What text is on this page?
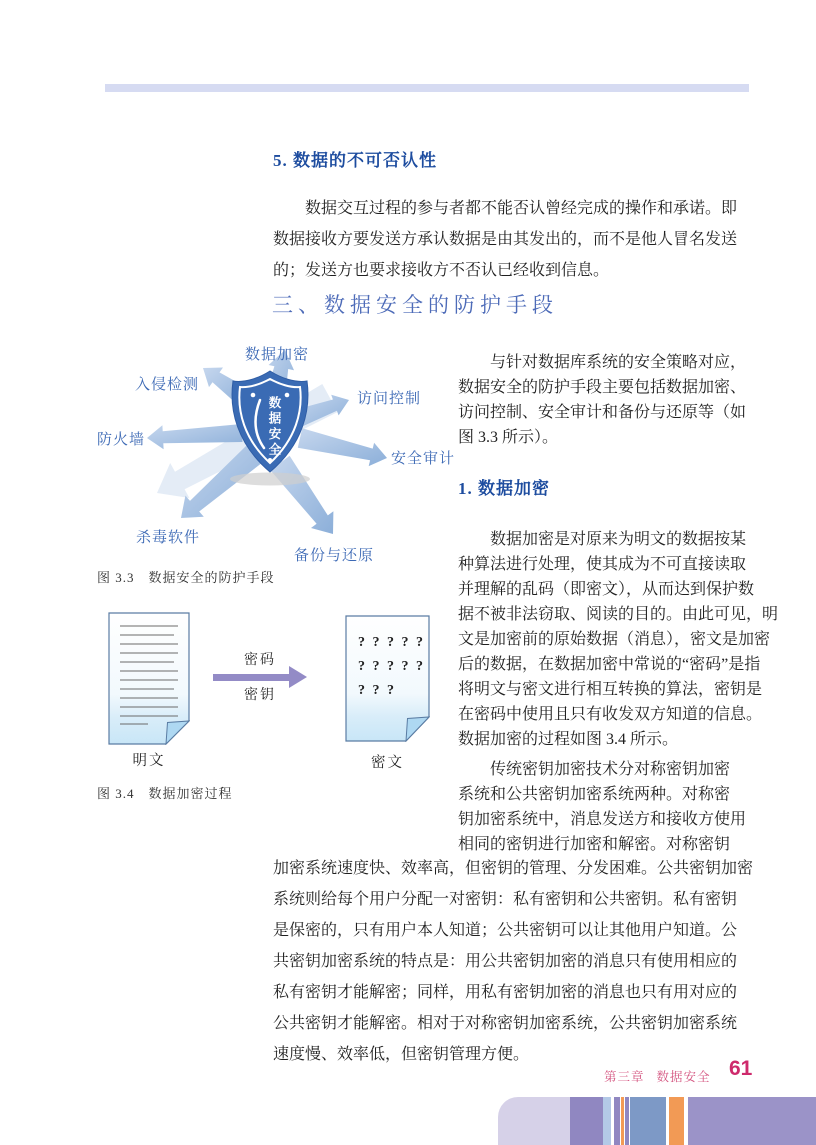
5. 数据的不可否认性
数据交互过程的参与者都不能否认曾经完成的操作和承诺。即
数据接收方要发送方承认数据是由其发出的，而不是他人冒名发送
的；发送方也要求接收方不否认已经收到信息。
三、数据安全的防护手段
数据安全
数据加密
入侵检测
访问控制
防火墙
安全审计
杀毒软件
备份与还原
图 3.3 数据安全的防护手段
密码
密钥
? ? ? ? ?
? ? ? ? ?
? ? ?
明文	密文
图 3.4 数据加密过程
与针对数据库系统的安全策略对应，
数据安全的防护手段主要包括数据加密、
访问控制、安全审计和备份与还原等（如
图 3.3 所示）。
1. 数据加密
数据加密是对原来为明文的数据按某
种算法进行处理，使其成为不可直接读取
并理解的乱码（即密文），从而达到保护数
据不被非法窃取、阅读的目的。由此可见，明
文是加密前的原始数据（消息），密文是加密
后的数据，在数据加密中常说的“密码”是指
将明文与密文进行相互转换的算法，密钥是
在密码中使用且只有收发双方知道的信息。
数据加密的过程如图 3.4 所示。
传统密钥加密技术分对称密钥加密
系统和公共密钥加密系统两种。对称密
钥加密系统中，消息发送方和接收方使用
相同的密钥进行加密和解密。对称密钥
加密系统速度快、效率高，但密钥的管理、分发困难。公共密钥加密
系统则给每个用户分配一对密钥：私有密钥和公共密钥。私有密钥
是保密的，只有用户本人知道；公共密钥可以让其他用户知道。公
共密钥加密系统的特点是：用公共密钥加密的消息只有使用相应的
私有密钥才能解密；同样，用私有密钥加密的消息也只有用对应的
公共密钥才能解密。相对于对称密钥加密系统，公共密钥加密系统
速度慢、效率低，但密钥管理方便。
第三章 数据安全 61
